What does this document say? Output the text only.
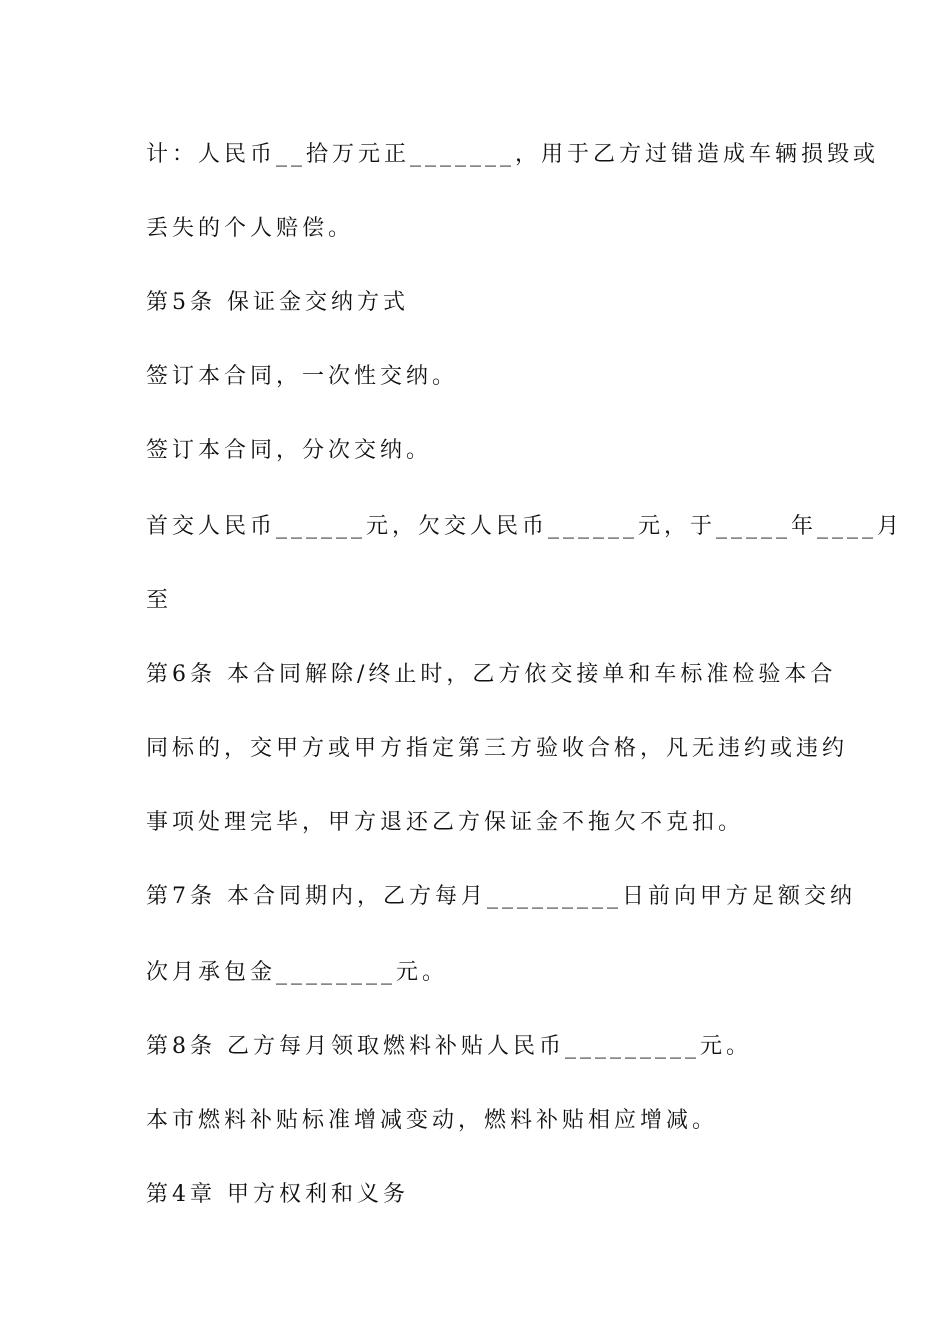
计：人民币__拾万元正_______，用于乙方过错造成车辆损毁或
丢失的个人赔偿。
第5条 保证金交纳方式
签订本合同，一次性交纳。
签订本合同，分次交纳。
首交人民币______元，欠交人民币______元，于_____年____月
至
第6条 本合同解除/终止时，乙方依交接单和车标准检验本合
同标的，交甲方或甲方指定第三方验收合格，凡无违约或违约
事项处理完毕，甲方退还乙方保证金不拖欠不克扣。
第7条 本合同期内，乙方每月_________日前向甲方足额交纳
次月承包金________元。
第8条 乙方每月领取燃料补贴人民币_________元。
本市燃料补贴标准增减变动，燃料补贴相应增减。
第4章 甲方权利和义务
